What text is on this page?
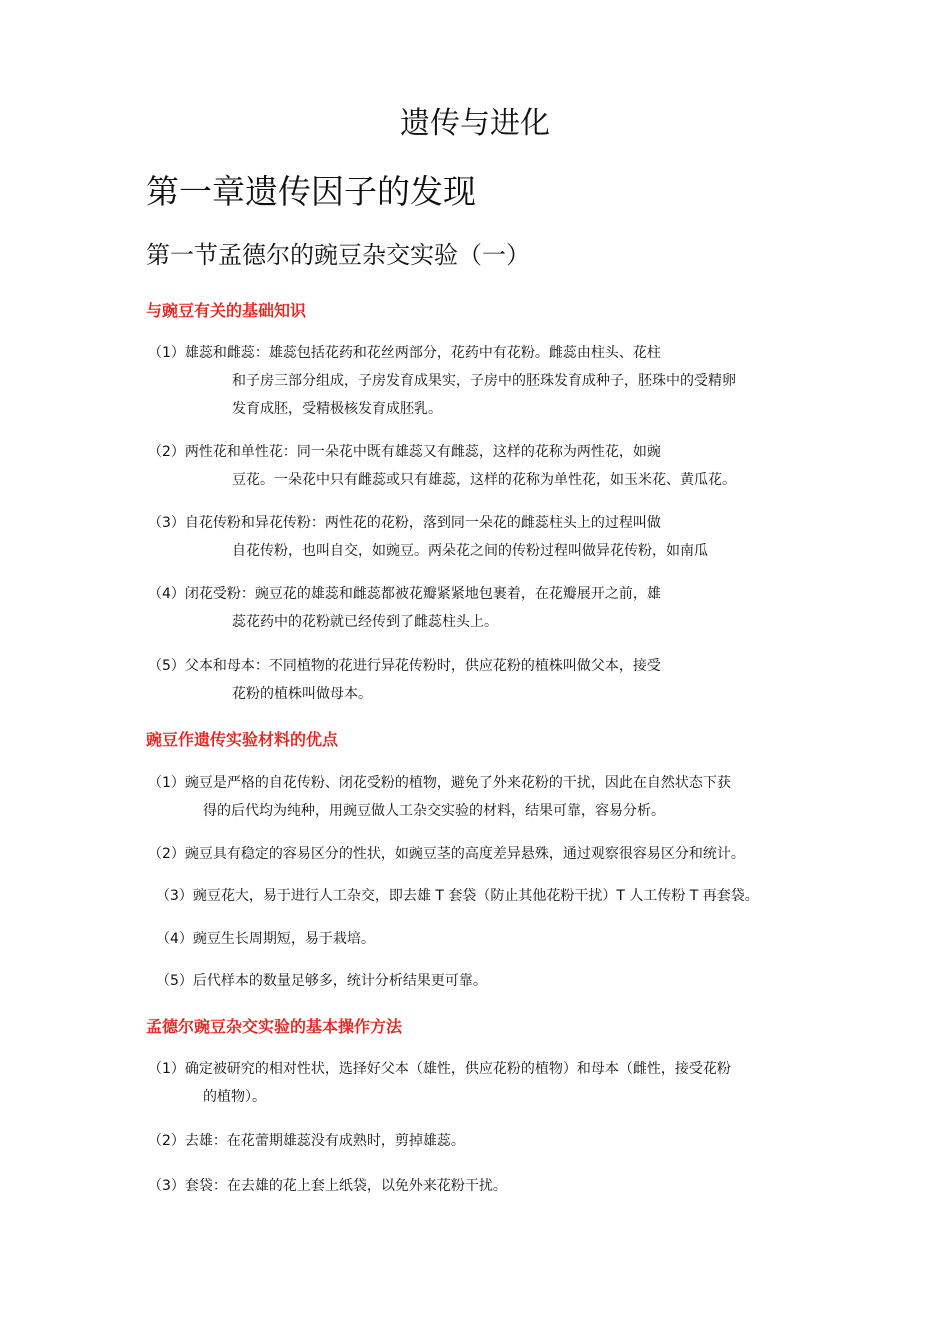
遗传与进化
第一章遗传因子的发现
第一节孟德尔的豌豆杂交实验（一）
与豌豆有关的基础知识
（1）雄蕊和雌蕊：雄蕊包括花药和花丝两部分，花药中有花粉。雌蕊由柱头、花柱
和子房三部分组成，子房发育成果实，子房中的胚珠发育成种子，胚珠中的受精卵
发育成胚，受精极核发育成胚乳。
（2）两性花和单性花：同一朵花中既有雄蕊又有雌蕊，这样的花称为两性花，如豌
豆花。一朵花中只有雌蕊或只有雄蕊，这样的花称为单性花，如玉米花、黄瓜花。
（3）自花传粉和异花传粉：两性花的花粉，落到同一朵花的雌蕊柱头上的过程叫做
自花传粉，也叫自交，如豌豆。两朵花之间的传粉过程叫做异花传粉，如南瓜
（4）闭花受粉：豌豆花的雄蕊和雌蕊都被花瓣紧紧地包裹着，在花瓣展开之前，雄
蕊花药中的花粉就已经传到了雌蕊柱头上。
（5）父本和母本：不同植物的花进行异花传粉时，供应花粉的植株叫做父本，接受
花粉的植株叫做母本。
豌豆作遗传实验材料的优点
（1）豌豆是严格的自花传粉、闭花受粉的植物，避免了外来花粉的干扰，因此在自然状态下获
得的后代均为纯种，用豌豆做人工杂交实验的材料，结果可靠，容易分析。
（2）豌豆具有稳定的容易区分的性状，如豌豆茎的高度差异悬殊，通过观察很容易区分和统计。
（3）豌豆花大，易于进行人工杂交，即去雄 T 套袋（防止其他花粉干扰）T 人工传粉 T 再套袋。
（4）豌豆生长周期短，易于栽培。
（5）后代样本的数量足够多，统计分析结果更可靠。
孟德尔豌豆杂交实验的基本操作方法
（1）确定被研究的相对性状，选择好父本（雄性，供应花粉的植物）和母本（雌性，接受花粉
的植物）。
（2）去雄：在花蕾期雄蕊没有成熟时，剪掉雄蕊。
（3）套袋：在去雄的花上套上纸袋，以免外来花粉干扰。
